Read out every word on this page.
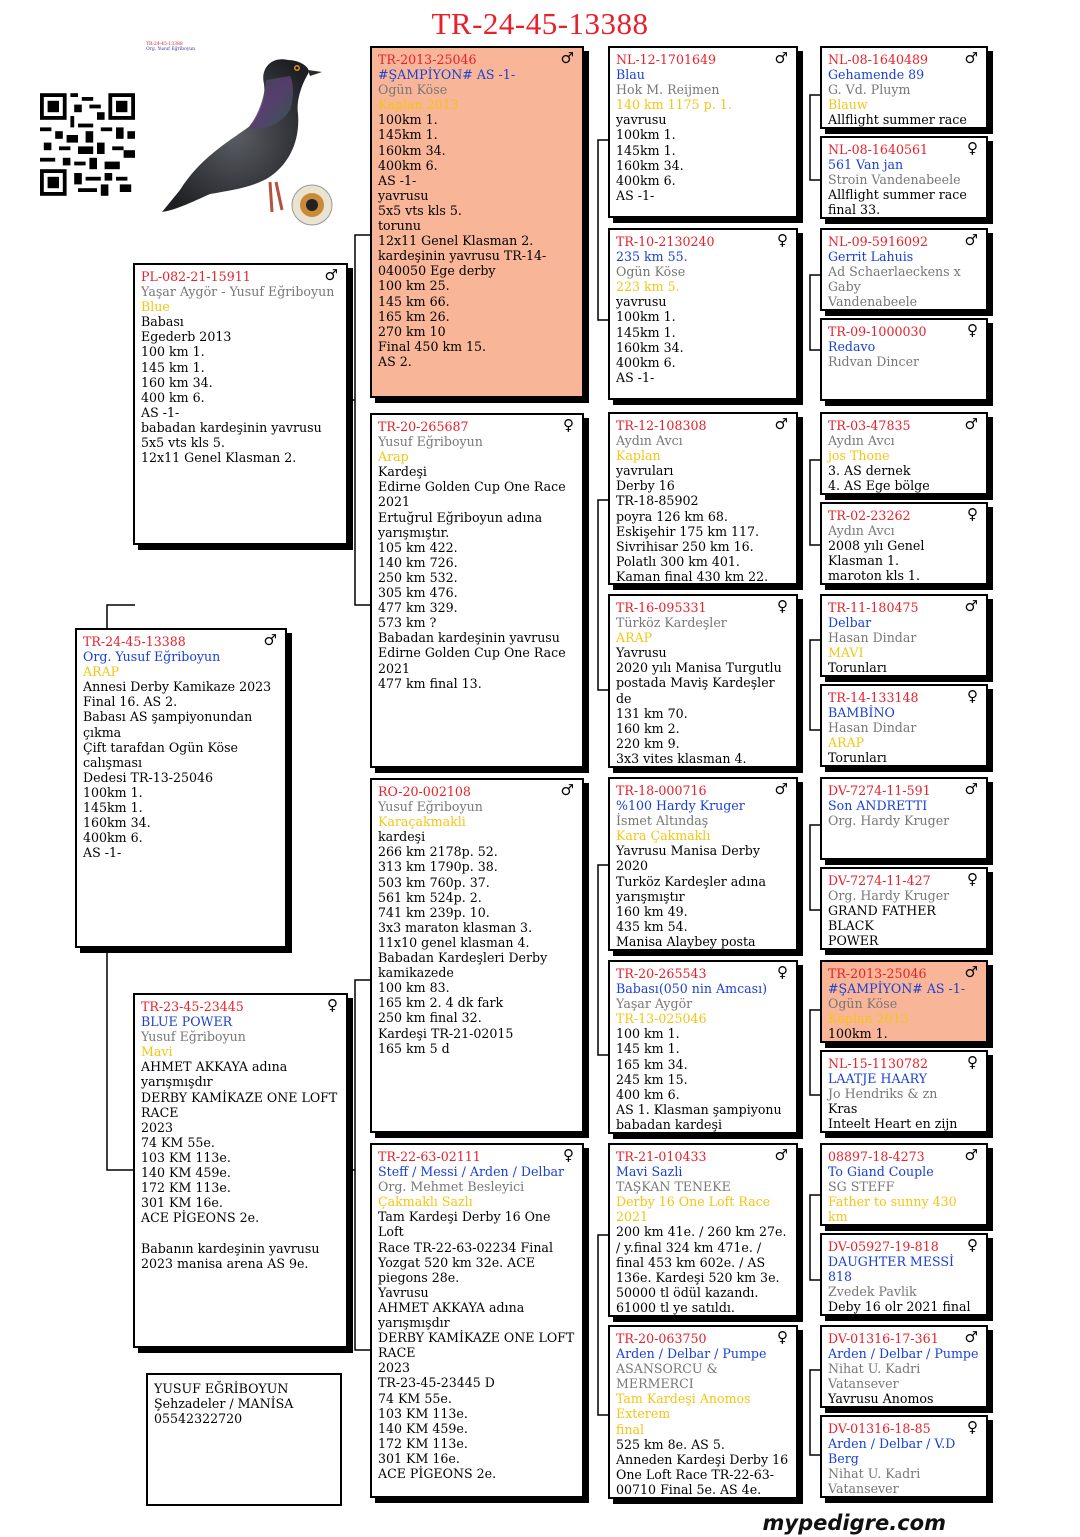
TR-24-45-13388
TR-24-45-13388
Org. Yusuf Eğriboyun
♂
TR-24-45-13388
Org. Yusuf Eğriboyun
ARAP
Annesi Derby Kamikaze 2023
Final 16. AS 2.
Babası AS şampiyonundan çıkma
Çift tarafdan Ogün Köse
calışması
Dedesi TR-13-25046
100km 1.
145km 1.
160km 34.
400km 6.
AS -1-
♂
PL-082-21-15911
Yaşar Aygör - Yusuf Eğriboyun
Blue
Babası
Egederb 2013
100 km 1.
145 km 1.
160 km 34.
400 km 6.
AS -1-
babadan kardeşinin yavrusu
5x5 vts kls 5.
12x11 Genel Klasman 2.
♀
TR-23-45-23445
BLUE POWER
Yusuf Eğriboyun
Mavi
AHMET AKKAYA adına
yarışmışdır
DERBY KAMİKAZE ONE LOFT RACE
2023
74 KM 55e.
103 KM 113e.
140 KM 459e.
172 KM 113e.
301 KM 16e.
ACE PİGEONS 2e.

Babanın kardeşinin yavrusu
2023 manisa arena AS 9e.
♂
TR-2013-25046
#ŞAMPİYON# AS -1-
Ogün Köse
Kaplan 2013
100km 1.
145km 1.
160km 34.
400km 6.
AS -1-
yavrusu
5x5 vts kls 5.
torunu
12x11 Genel Klasman 2.
kardeşinin yavrusu TR-14-
040050 Ege derby
100 km 25.
145 km 66.
165 km 26.
270 km 10
Final 450 km 15.
AS 2.
♀
TR-20-265687
Yusuf Eğriboyun
Arap
Kardeşi
Edirne Golden Cup One Race
2021
Ertuğrul Eğriboyun adına
yarışmıştır.
105 km 422.
140 km 726.
250 km 532.
305 km 476.
477 km 329.
573 km ?
Babadan kardeşinin yavrusu
Edirne Golden Cup One Race
2021
477 km final 13.
♂
RO-20-002108
Yusuf Eğriboyun
Karaçakmakli
kardeşi
266 km 2178p. 52.
313 km 1790p. 38.
503 km 760p. 37.
561 km 524p. 2.
741 km 239p. 10.
3x3 maraton klasman 3.
11x10 genel klasman 4.
Babadan Kardeşleri Derby
kamikazede
100 km 83.
165 km 2. 4 dk fark
250 km final 32.
Kardeşi TR-21-02015
165 km 5 d
♀
TR-22-63-02111
Steff / Messi / Arden / Delbar
Org. Mehmet Besleyici
Çakmaklı Sazlı
Tam Kardeşi Derby 16 One Loft
Race TR-22-63-02234 Final
Yozgat 520 km 32e. ACE
piegons 28e.
Yavrusu
AHMET AKKAYA adına
yarışmışdır
DERBY KAMİKAZE ONE LOFT RACE
2023
TR-23-45-23445 D
74 KM 55e.
103 KM 113e.
140 KM 459e.
172 KM 113e.
301 KM 16e.
ACE PİGEONS 2e.

♂
NL-12-1701649
Blau
Hok M. Reijmen
140 km 1175 p. 1.
yavrusu
100km 1.
145km 1.
160km 34.
400km 6.
AS -1-
♀
TR-10-2130240
235 km 55.
Ogün Köse
223 km 5.
yavrusu
100km 1.
145km 1.
160km 34.
400km 6.
AS -1-
♂
TR-12-108308
Aydın Avcı
Kaplan
yavruları
Derby 16
TR-18-85902
poyra 126 km 68.
Eskişehir 175 km 117.
Sivrihisar 250 km 16.
Polatlı 300 km 401.
Kaman final 430 km 22.
♀
TR-16-095331
Türköz Kardeşler
ARAP
Yavrusu
2020 yılı Manisa Turgutlu
postada Maviş Kardeşler
de
131 km 70.
160 km 2.
220 km 9.
3x3 vites klasman 4.
♂
TR-18-000716
%100 Hardy Kruger
İsmet Altındaş
Kara Çakmaklı
Yavrusu Manisa Derby 2020
Turköz Kardeşler adına
yarışmıştır
160 km 49.
435 km 54.
Manisa Alaybey posta
♀
TR-20-265543
Babası(050 nin Amcası)
Yaşar Aygör
TR-13-025046
100 km 1.
145 km 1.
165 km 34.
245 km 15.
400 km 6.
AS 1. Klasman şampiyonu
babadan kardeşi
♂
TR-21-010433
Mavi Sazli
TAŞKAN TENEKE
Derby 16 One Loft Race 2021
200 km 41e. / 260 km 27e.
/ y.final 324 km 471e. /
final 453 km 602e. / AS
136e. Kardeşi 520 km 3e.
50000 tl ödül kazandı.
61000 tl ye satıldı.
♀
TR-20-063750
Arden / Delbar / Pumpe
ASANSORCU & MERMERCI
Tam Kardeşi Anomos Exterem
final
525 km 8e. AS 5.
Anneden Kardeşi Derby 16
One Loft Race TR-22-63-
00710 Final 5e. AS 4e.
♂
NL-08-1640489
Gehamende 89
G. Vd. Pluym
Blauw
Allflight summer race
♀
NL-08-1640561
561 Van jan
Stroin Vandenabeele
Allflight summer race
final 33.
♂
NL-09-5916092
Gerrit Lahuis
Ad Schaerlaeckens x Gaby
Vandenabeele
♀
TR-09-1000030
Redavo
Rıdvan Dincer
♂
TR-03-47835
Aydın Avcı
jos Thone
3. AS dernek
4. AS Ege bölge
♀
TR-02-23262
Aydın Avcı
2008 yılı Genel
Klasman 1.
maroton kls 1.
♂
TR-11-180475
Delbar
Hasan Dindar
MAVI
Torunları
♀
TR-14-133148
BAMBİNO
Hasan Dindar
ARAP
Torunları
♂
DV-7274-11-591
Son ANDRETTI
Org. Hardy Kruger
♀
DV-7274-11-427
Org. Hardy Kruger
GRAND FATHER BLACK
POWER
♂
TR-2013-25046
#ŞAMPİYON# AS -1-
Ogün Köse
Kaplan 2013
100km 1.
♀
NL-15-1130782
LAATJE HAARY
Jo Hendriks & zn
Kras
Inteelt Heart en zijn
♂
08897-18-4273
To Giand Couple
SG STEFF
Father to sunny 430 km
♀
DV-05927-19-818
DAUGHTER MESSİ 818
Zvedek Pavlik
Deby 16 olr 2021 final
♂
DV-01316-17-361
Arden / Delbar / Pumpe
Nihat U. Kadri
Vatansever
Yavrusu Anomos
♀
DV-01316-18-85
Arden / Delbar / V.D
Berg
Nihat U. Kadri
Vatansever
YUSUF EĞRİBOYUN
Şehzadeler / MANİSA
05542322720
mypedigre.com
